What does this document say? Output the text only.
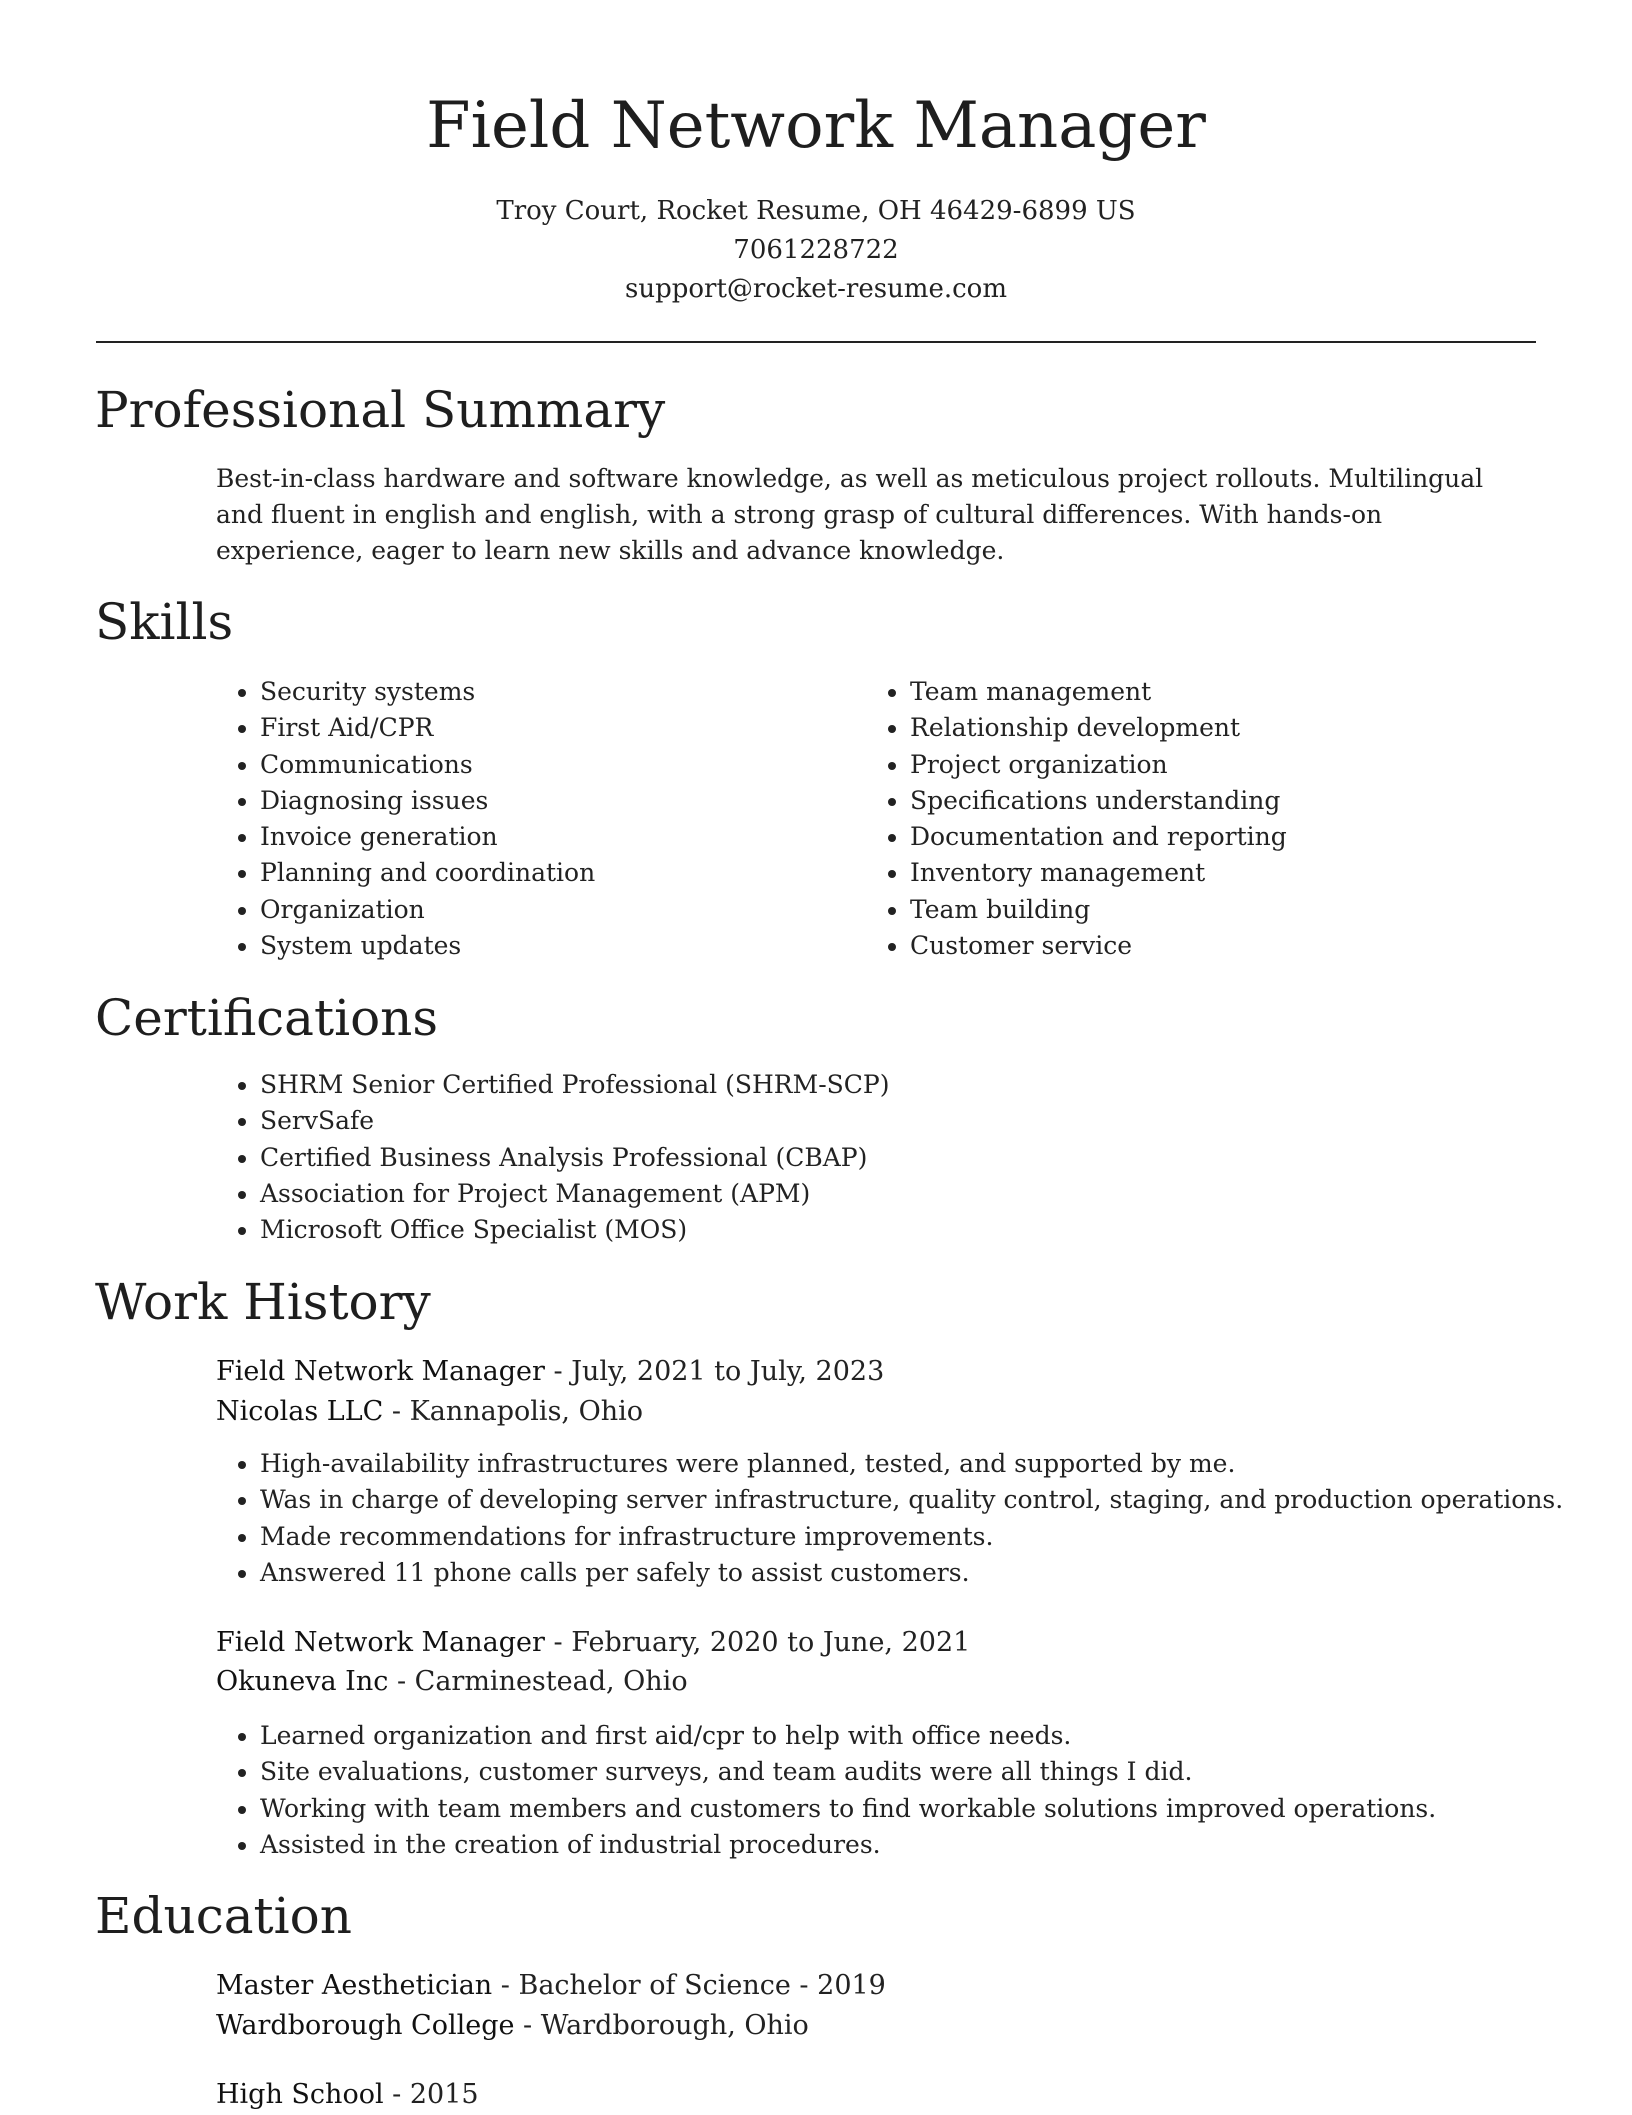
Field Network Manager
Troy Court, Rocket Resume, OH 46429-6899 US
7061228722
support@rocket-resume.com
Professional Summary
Best-in-class hardware and software knowledge, as well as meticulous project rollouts. Multilingual and fluent in english and english, with a strong grasp of cultural differences. With hands-on experience, eager to learn new skills and advance knowledge.
Skills
• Security systems
• First Aid/CPR
• Communications
• Diagnosing issues
• Invoice generation
• Planning and coordination
• Organization
• System updates
• Team management
• Relationship development
• Project organization
• Specifications understanding
• Documentation and reporting
• Inventory management
• Team building
• Customer service
Certifications
• SHRM Senior Certified Professional (SHRM-SCP)
• ServSafe
• Certified Business Analysis Professional (CBAP)
• Association for Project Management (APM)
• Microsoft Office Specialist (MOS)
Work History
Field Network Manager - July, 2021 to July, 2023
Nicolas LLC - Kannapolis, Ohio
• High-availability infrastructures were planned, tested, and supported by me.
• Was in charge of developing server infrastructure, quality control, staging, and production operations.
• Made recommendations for infrastructure improvements.
• Answered 11 phone calls per safely to assist customers.
Field Network Manager - February, 2020 to June, 2021
Okuneva Inc - Carminestead, Ohio
• Learned organization and first aid/cpr to help with office needs.
• Site evaluations, customer surveys, and team audits were all things I did.
• Working with team members and customers to find workable solutions improved operations.
• Assisted in the creation of industrial procedures.
Education
Master Aesthetician - Bachelor of Science - 2019
Wardborough College - Wardborough, Ohio
High School - 2015
